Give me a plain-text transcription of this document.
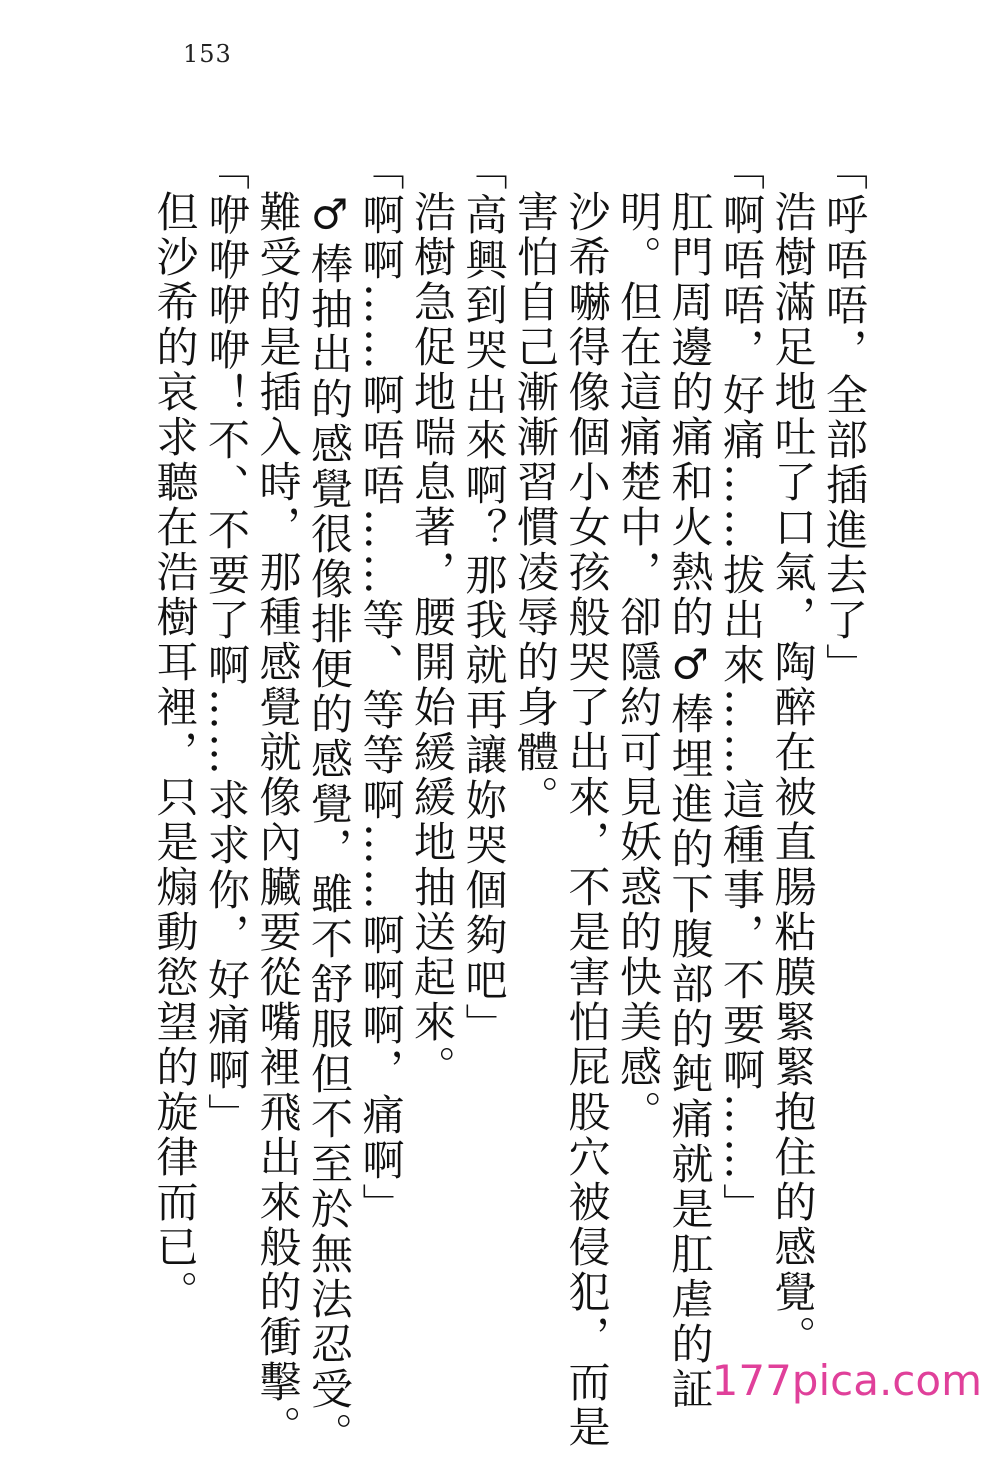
153
「呼唔唔，全部插進去了」
浩樹滿足地吐了口氣，陶醉在被直腸粘膜緊緊抱住的感覺。
「啊唔唔，好痛……拔出來……這種事，不要啊……」
肛門周邊的痛和火熱的♂棒埋進的下腹部的鈍痛就是肛虐的証
明。但在這痛楚中，卻隱約可見妖惑的快美感。
沙希嚇得像個小女孩般哭了出來，不是害怕屁股穴被侵犯，而是
害怕自己漸漸習慣凌辱的身體。
「高興到哭出來啊？那我就再讓妳哭個夠吧」
浩樹急促地喘息著，腰開始緩緩地抽送起來。
「啊啊……啊唔唔……等、等等啊……啊啊啊，痛啊」
♂棒抽出的感覺很像排便的感覺，雖不舒服但不至於無法忍受。
難受的是插入時，那種感覺就像內臟要從嘴裡飛出來般的衝擊。
「咿咿咿咿！不、不要了啊……求求你，好痛啊」
但沙希的哀求聽在浩樹耳裡，只是煽動慾望的旋律而已。
177pica.com
